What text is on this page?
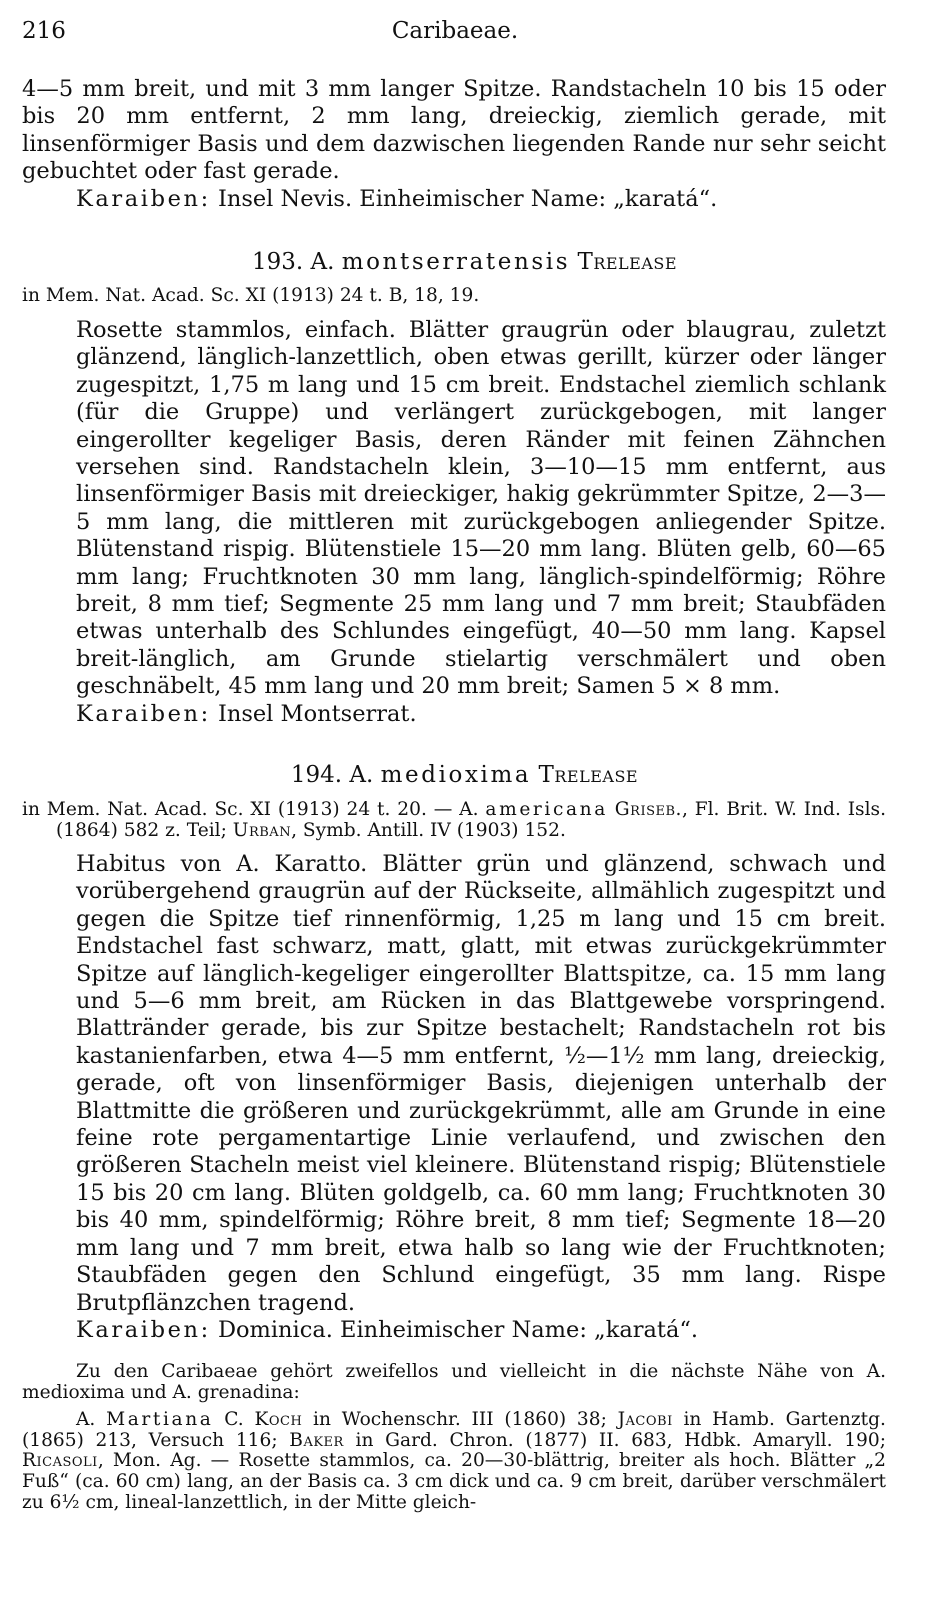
216	Caribaeae.

4—5 mm breit, und mit 3 mm langer Spitze. Randstacheln 10 bis 15 oder bis 20 mm entfernt, 2 mm lang, dreieckig, ziemlich gerade, mit linsenförmiger Basis und dem dazwischen liegenden Rande nur sehr seicht gebuchtet oder fast gerade.

Karaiben: Insel Nevis. Einheimischer Name: „karatá“.

193. A. montserratensis Trelease

in Mem. Nat. Acad. Sc. XI (1913) 24 t. B, 18, 19.

Rosette stammlos, einfach. Blätter graugrün oder blaugrau, zuletzt glänzend, länglich-lanzettlich, oben etwas gerillt, kürzer oder länger zugespitzt, 1,75 m lang und 15 cm breit. Endstachel ziemlich schlank (für die Gruppe) und verlängert zurückgebogen, mit langer eingerollter kegeliger Basis, deren Ränder mit feinen Zähnchen versehen sind. Randstacheln klein, 3—10—15 mm entfernt, aus linsenförmiger Basis mit dreieckiger, hakig gekrümmter Spitze, 2—3—5 mm lang, die mittleren mit zurückgebogen anliegender Spitze. Blütenstand rispig. Blütenstiele 15—20 mm lang. Blüten gelb, 60—65 mm lang; Fruchtknoten 30 mm lang, länglich-spindelförmig; Röhre breit, 8 mm tief; Segmente 25 mm lang und 7 mm breit; Staubfäden etwas unterhalb des Schlundes eingefügt, 40—50 mm lang. Kapsel breit-länglich, am Grunde stielartig verschmälert und oben geschnäbelt, 45 mm lang und 20 mm breit; Samen 5 × 8 mm.

Karaiben: Insel Montserrat.

194. A. medioxima Trelease

in Mem. Nat. Acad. Sc. XI (1913) 24 t. 20. — A. americana Griseb., Fl. Brit. W. Ind. Isls. (1864) 582 z. Teil; Urban, Symb. Antill. IV (1903) 152.

Habitus von A. Karatto. Blätter grün und glänzend, schwach und vorübergehend graugrün auf der Rückseite, allmählich zugespitzt und gegen die Spitze tief rinnenförmig, 1,25 m lang und 15 cm breit. Endstachel fast schwarz, matt, glatt, mit etwas zurückgekrümmter Spitze auf länglich-kegeliger eingerollter Blattspitze, ca. 15 mm lang und 5—6 mm breit, am Rücken in das Blattgewebe vorspringend. Blattränder gerade, bis zur Spitze bestachelt; Randstacheln rot bis kastanienfarben, etwa 4—5 mm entfernt, ½—1½ mm lang, dreieckig, gerade, oft von linsenförmiger Basis, diejenigen unterhalb der Blattmitte die größeren und zurückgekrümmt, alle am Grunde in eine feine rote pergamentartige Linie verlaufend, und zwischen den größeren Stacheln meist viel kleinere. Blütenstand rispig; Blütenstiele 15 bis 20 cm lang. Blüten goldgelb, ca. 60 mm lang; Fruchtknoten 30 bis 40 mm, spindelförmig; Röhre breit, 8 mm tief; Segmente 18—20 mm lang und 7 mm breit, etwa halb so lang wie der Fruchtknoten; Staubfäden gegen den Schlund eingefügt, 35 mm lang. Rispe Brutpflänzchen tragend.

Karaiben: Dominica. Einheimischer Name: „karatá“.

Zu den Caribaeae gehört zweifellos und vielleicht in die nächste Nähe von A. medioxima und A. grenadina:

A. Martiana C. Koch in Wochenschr. III (1860) 38; Jacobi in Hamb. Gartenztg. (1865) 213, Versuch 116; Baker in Gard. Chron. (1877) II. 683, Hdbk. Amaryll. 190; Ricasoli, Mon. Ag. — Rosette stammlos, ca. 20—30-blättrig, breiter als hoch. Blätter „2 Fuß“ (ca. 60 cm) lang, an der Basis ca. 3 cm dick und ca. 9 cm breit, darüber verschmälert zu 6½ cm, lineal-lanzettlich, in der Mitte gleich-
